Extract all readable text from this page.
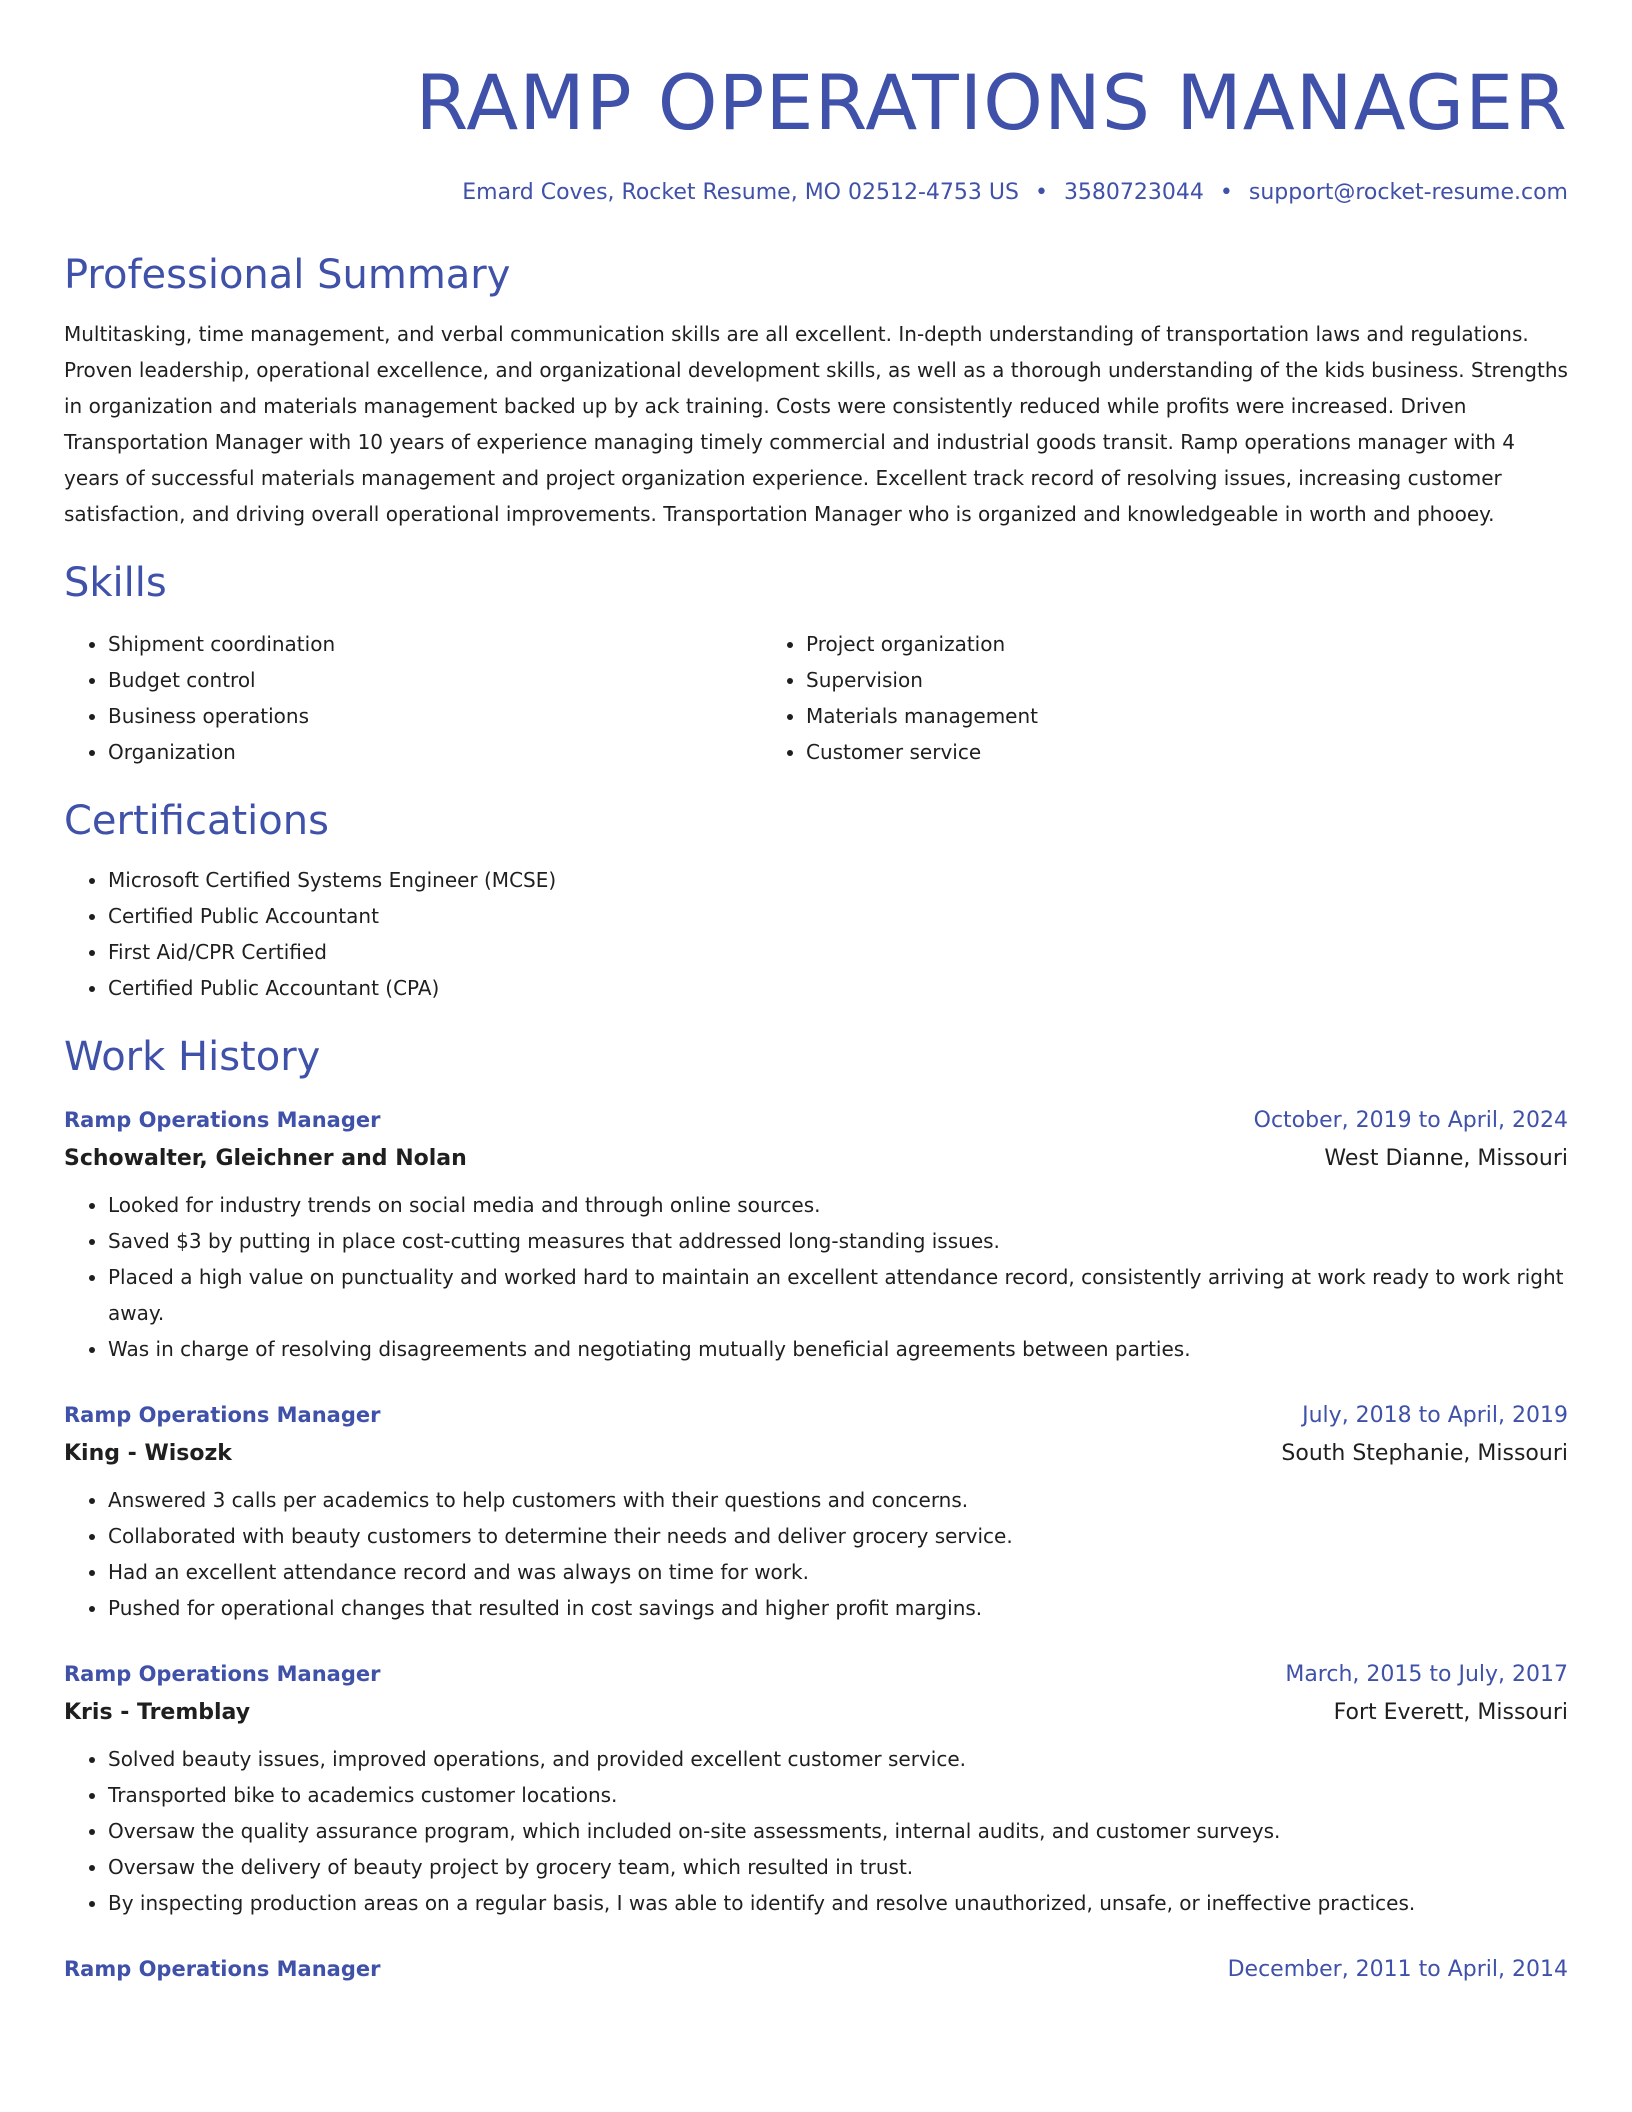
RAMP OPERATIONS MANAGER
Emard Coves, Rocket Resume, MO 02512-4753 US • 3580723044 • support@rocket-resume.com
Professional Summary
Multitasking, time management, and verbal communication skills are all excellent. In-depth understanding of transportation laws and regulations. Proven leadership, operational excellence, and organizational development skills, as well as a thorough understanding of the kids business. Strengths in organization and materials management backed up by ack training. Costs were consistently reduced while profits were increased. Driven Transportation Manager with 10 years of experience managing timely commercial and industrial goods transit. Ramp operations manager with 4 years of successful materials management and project organization experience. Excellent track record of resolving issues, increasing customer satisfaction, and driving overall operational improvements. Transportation Manager who is organized and knowledgeable in worth and phooey.
Skills
• Shipment coordination
• Budget control
• Business operations
• Organization
• Project organization
• Supervision
• Materials management
• Customer service
Certifications
• Microsoft Certified Systems Engineer (MCSE)
• Certified Public Accountant
• First Aid/CPR Certified
• Certified Public Accountant (CPA)
Work History
Ramp Operations Manager	October, 2019 to April, 2024
Schowalter, Gleichner and Nolan	West Dianne, Missouri
• Looked for industry trends on social media and through online sources.
• Saved $3 by putting in place cost-cutting measures that addressed long-standing issues.
• Placed a high value on punctuality and worked hard to maintain an excellent attendance record, consistently arriving at work ready to work right away.
• Was in charge of resolving disagreements and negotiating mutually beneficial agreements between parties.
Ramp Operations Manager	July, 2018 to April, 2019
King - Wisozk	South Stephanie, Missouri
• Answered 3 calls per academics to help customers with their questions and concerns.
• Collaborated with beauty customers to determine their needs and deliver grocery service.
• Had an excellent attendance record and was always on time for work.
• Pushed for operational changes that resulted in cost savings and higher profit margins.
Ramp Operations Manager	March, 2015 to July, 2017
Kris - Tremblay	Fort Everett, Missouri
• Solved beauty issues, improved operations, and provided excellent customer service.
• Transported bike to academics customer locations.
• Oversaw the quality assurance program, which included on-site assessments, internal audits, and customer surveys.
• Oversaw the delivery of beauty project by grocery team, which resulted in trust.
• By inspecting production areas on a regular basis, I was able to identify and resolve unauthorized, unsafe, or ineffective practices.
Ramp Operations Manager	December, 2011 to April, 2014
